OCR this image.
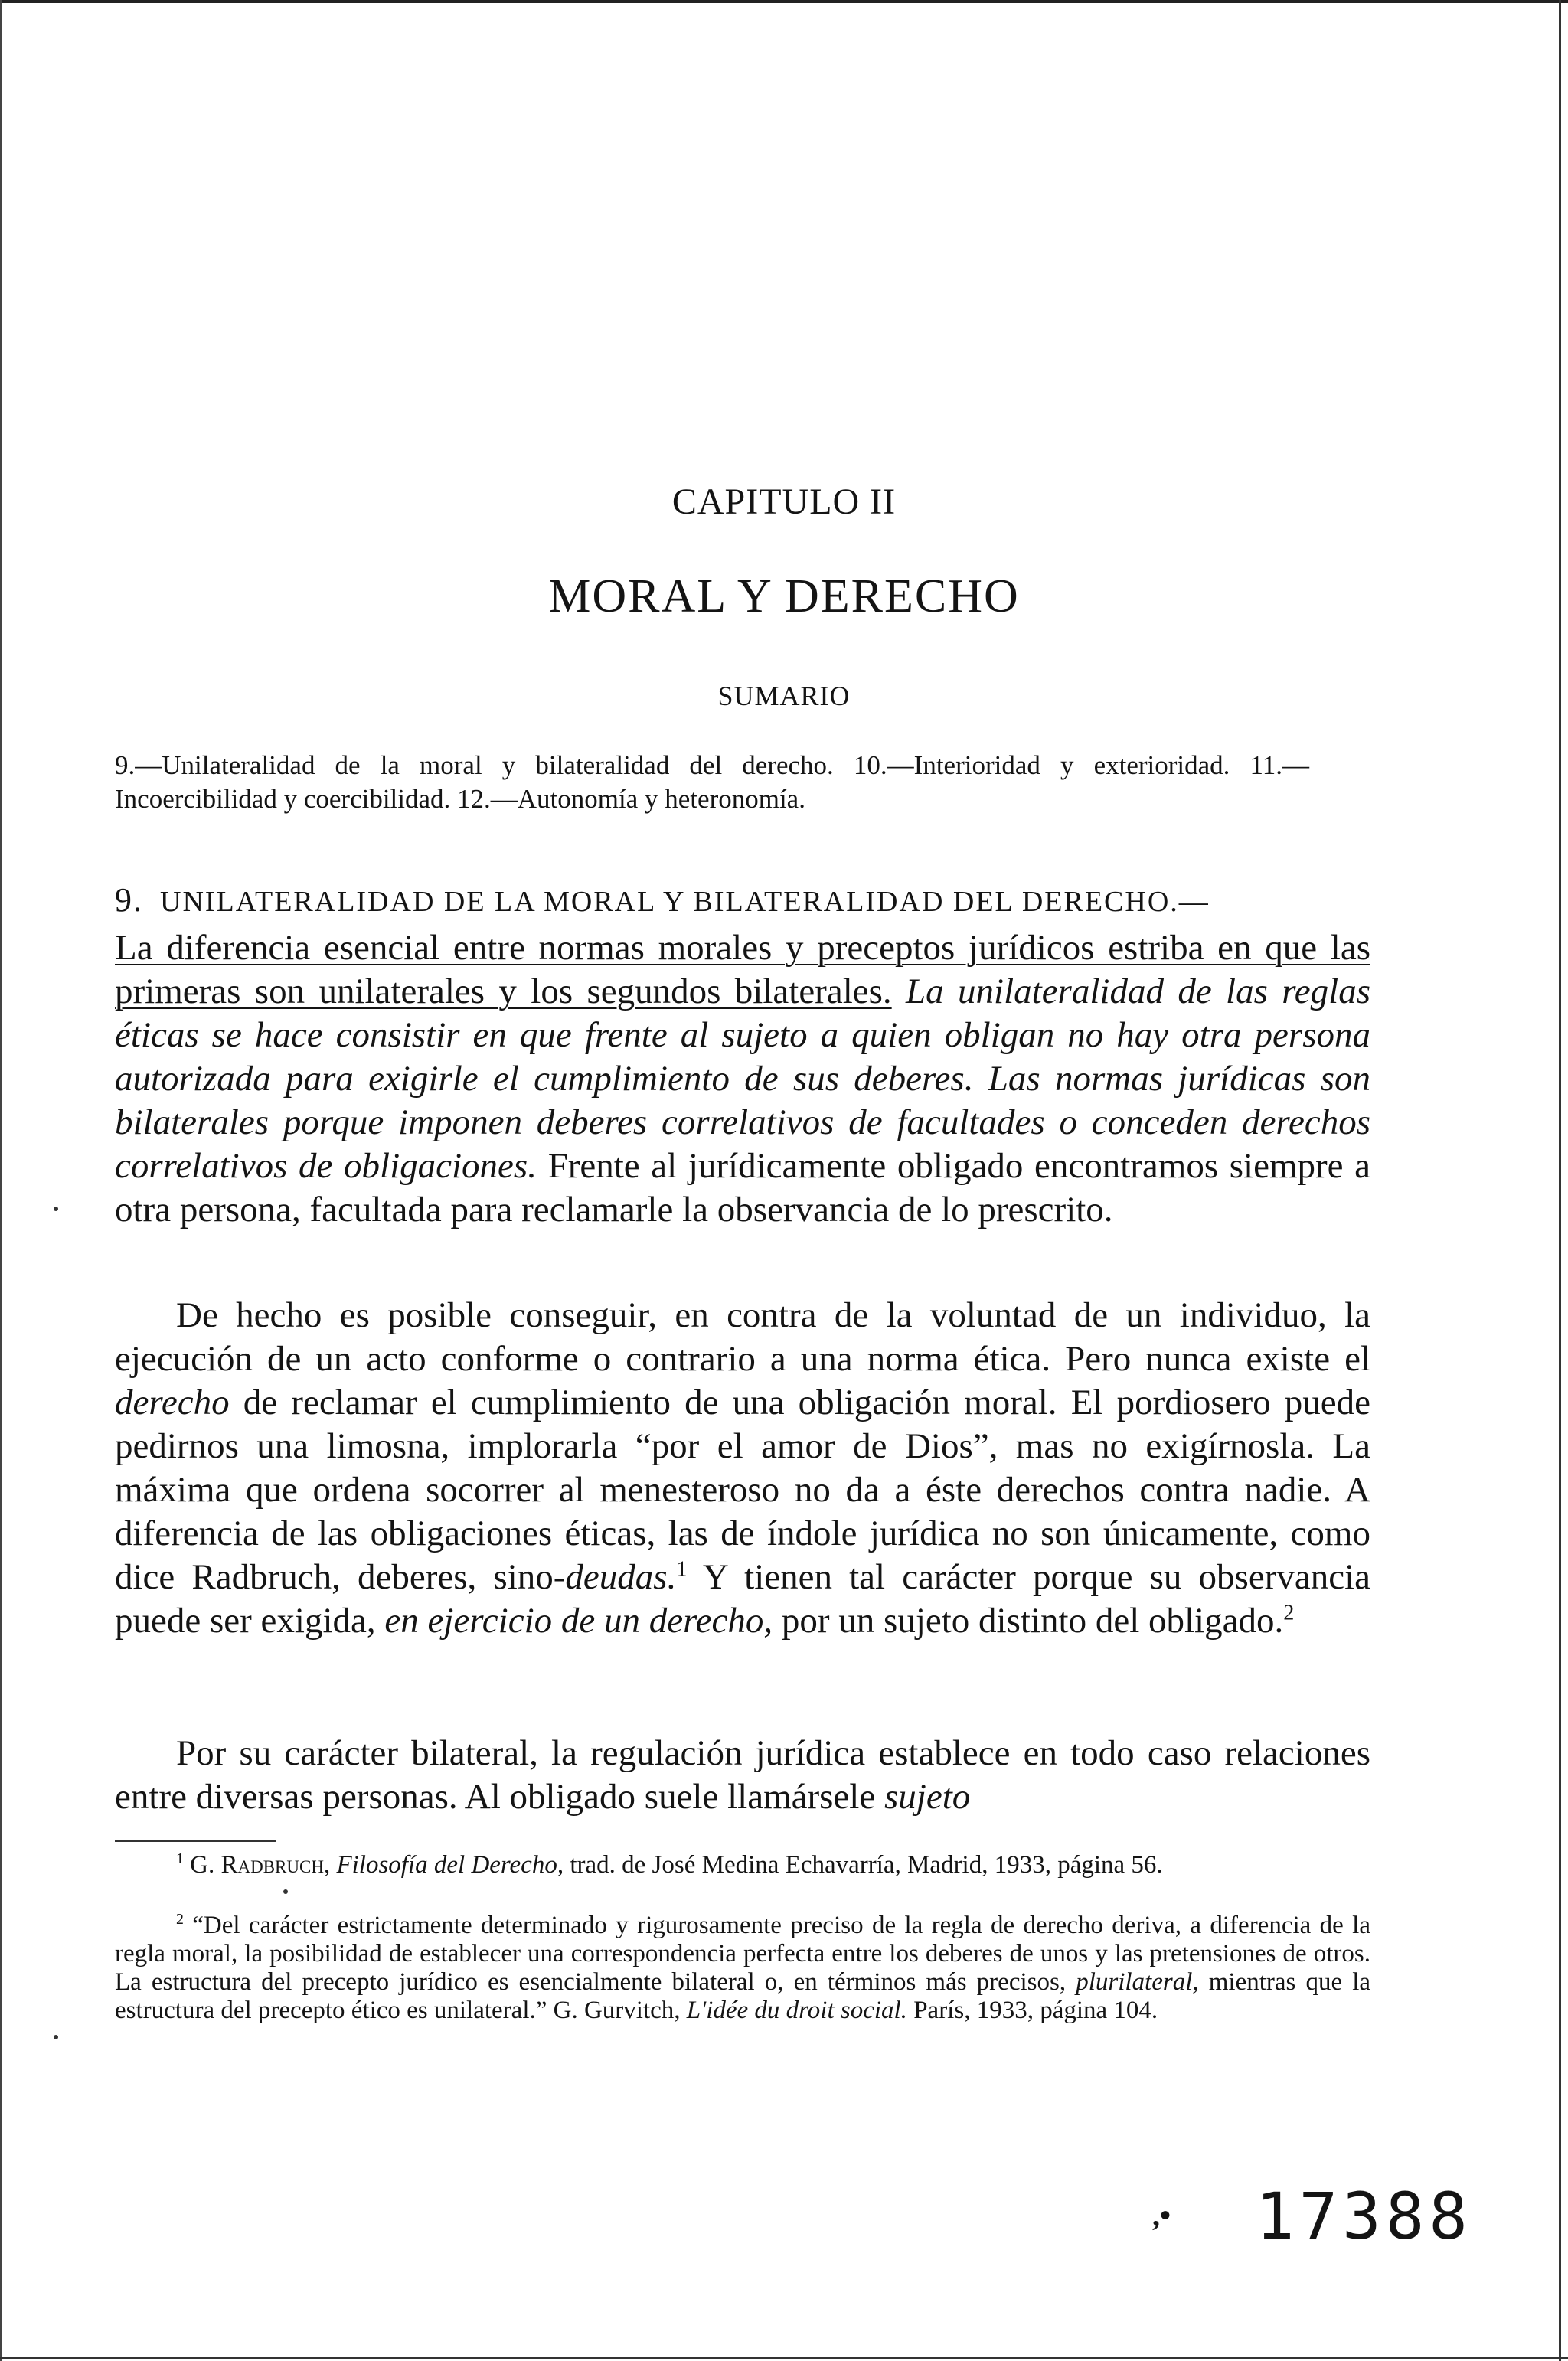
CAPITULO II
MORAL Y DERECHO
SUMARIO
9.—Unilateralidad de la moral y bilateralidad del derecho. 10.—Interioridad y exterioridad. 11.—Incoercibilidad y coercibilidad. 12.—Autonomía y heteronomía.
9. UNILATERALIDAD DE LA MORAL Y BILATERALIDAD DEL DERECHO.—

La diferencia esencial entre normas morales y preceptos jurídicos estriba en que las primeras son unilaterales y los segundos bilaterales. La unilateralidad de las reglas éticas se hace consistir en que frente al sujeto a quien obligan no hay otra persona autorizada para exigirle el cumplimiento de sus deberes. Las normas jurídicas son bilaterales porque imponen deberes correlativos de facultades o conceden derechos correlativos de obligaciones. Frente al jurídicamente obligado encontramos siempre a otra persona, facultada para reclamarle la observancia de lo prescrito.

De hecho es posible conseguir, en contra de la voluntad de un individuo, la ejecución de un acto conforme o contrario a una norma ética. Pero nunca existe el derecho de reclamar el cumplimiento de una obligación moral. El pordiosero puede pedirnos una limosna, implorarla “por el amor de Dios”, mas no exigírnosla. La máxima que ordena socorrer al menesteroso no da a éste derechos contra nadie. A diferencia de las obligaciones éticas, las de índole jurídica no son únicamente, como dice Radbruch, deberes, sino-deudas.$^1$ Y tienen tal carácter porque su observancia puede ser exigida, en ejercicio de un derecho, por un sujeto distinto del obligado.$^2$

Por su carácter bilateral, la regulación jurídica establece en todo caso relaciones entre diversas personas. Al obligado suele llamársele sujeto

$^1$ G. Radbruch, Filosofía del Derecho, trad. de José Medina Echavarría, Madrid, 1933, página 56.

$^2$ “Del carácter estrictamente determinado y rigurosamente preciso de la regla de derecho deriva, a diferencia de la regla moral, la posibilidad de establecer una correspondencia perfecta entre los deberes de unos y las pretensiones de otros. La estructura del precepto jurídico es esencialmente bilateral o, en términos más precisos, plurilateral, mientras que la estructura del precepto ético es unilateral.” G. Gurvitch, L'idée du droit social. París, 1933, página 104.

,• 17388
